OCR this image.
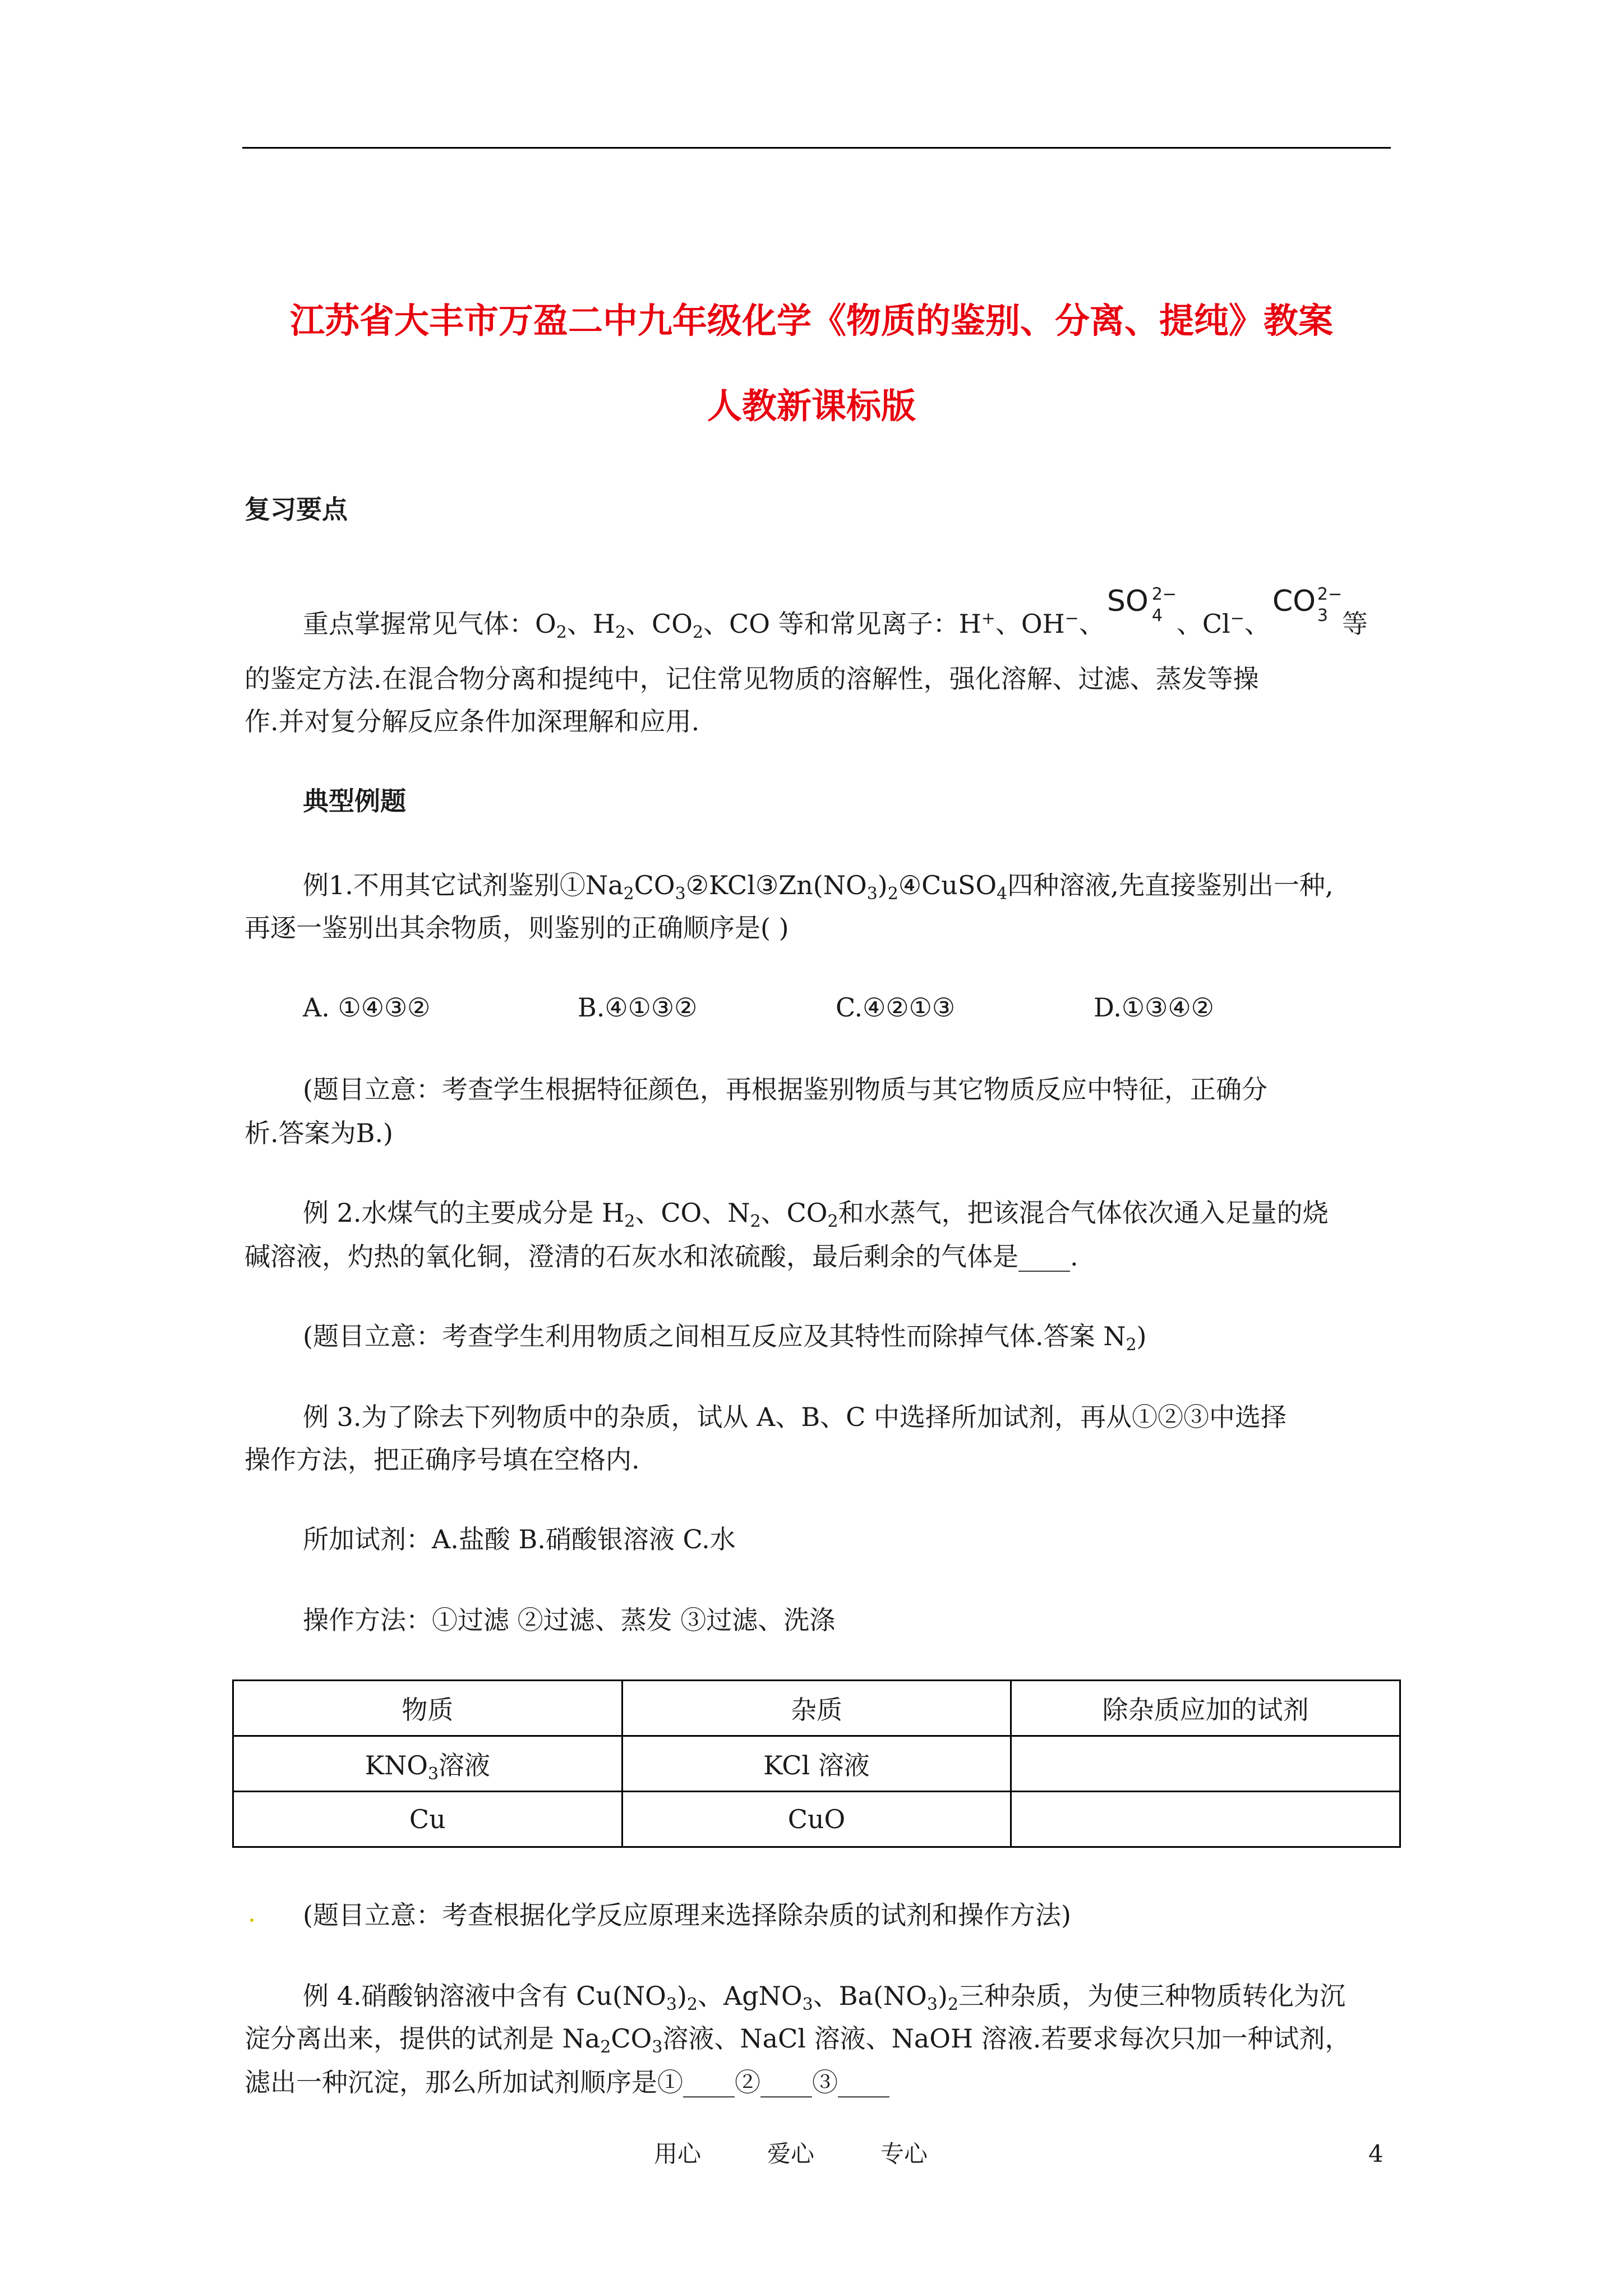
江苏省大丰市万盈二中九年级化学《物质的鉴别、分离、提纯》教案
人教新课标版
复习要点
重点掌握常见气体：$O_2$、$H_2$、$CO_2$、CO 等和常见离子：H+、OH−、
SO 2−
4 、Cl−、
CO 2−
3 等
的鉴定方法.在混合物分离和提纯中，记住常见物质的溶解性，强化溶解、过滤、蒸发等操
作.并对复分解反应条件加深理解和应用.
典型例题
例1.不用其它试剂鉴别$①Na_2CO_3②KCl③Zn(NO_3)_2④CuSO_4$四种溶液,先直接鉴别出一种,
再逐一鉴别出其余物质，则鉴别的正确顺序是( )
A. ①④③②	B.④①③②	C.④②①③	D.①③④②
(题目立意：考查学生根据特征颜色，再根据鉴别物质与其它物质反应中特征，正确分
析.答案为B.)
例 2.水煤气的主要成分是 $H_2$、CO、$N_2$、$CO_2$和水蒸气，把该混合气体依次通入足量的烧
碱溶液，灼热的氧化铜，澄清的石灰水和浓硫酸，最后剩余的气体是____.
(题目立意：考查学生利用物质之间相互反应及其特性而除掉气体.答案 $N_2$)
例 3.为了除去下列物质中的杂质，试从 A、B、C 中选择所加试剂，再从①②③中选择
操作方法，把正确序号填在空格内.
所加试剂：A.盐酸 B.硝酸银溶液 C.水
操作方法：①过滤 ②过滤、蒸发 ③过滤、洗涤
物质	杂质	除杂质应加的试剂
$KNO_3$溶液	KCl 溶液	
Cu	CuO	
(题目立意：考查根据化学反应原理来选择除杂质的试剂和操作方法)
例 4.硝酸钠溶液中含有 $Cu(NO_3)_2$、AgNO$_3$、$Ba(NO_3)_2$三种杂质，为使三种物质转化为沉
淀分离出来，提供的试剂是 $Na_2CO_3$溶液、NaCl 溶液、NaOH 溶液.若要求每次只加一种试剂，
滤出一种沉淀，那么所加试剂顺序是①____②____③____
用心	爱心	专心	4
